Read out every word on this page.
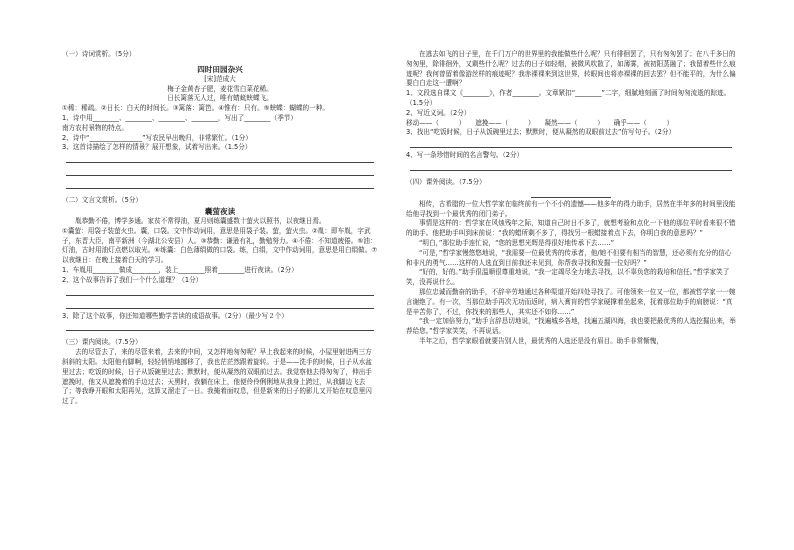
（一）诗词赏析。（5分）

四时田园杂兴

[宋]范成大

梅子金黄杏子肥，麦花雪白菜花稀。

日长篱落无人过，唯有蜻蜓蛱蝶飞。

①稀：稀疏。②日长：白天的时间长。③篱落：篱笆。④惟有：只有。⑤蛱蝶：蝴蝶的一种。

1、诗中用________、________、________、________，写出了________（季节）

南方农村景物的特点。

2、诗中“________________”写农民早出晚归，非常繁忙。（1分）

3、这首诗描绘了怎样的情景？展开想象，试着写出来。（1.5分）

（二）文言文赏析。（5分）

囊萤夜读

胤恭勤不倦，博学多通。家贫不常得油，夏月则练囊盛数十萤火以照书，以夜继日焉。

①囊萤：用袋子装萤火虫。囊，口袋。文中作动词用，意思是用袋子装。萤，萤火虫。②胤：即车胤，字武子，东晋大臣，南平新洲（今湖北公安县）人。③恭勤：谦逊有礼，勤勉努力。④不倦：不知道疲倦。⑤油：灯油，古时用油灯点燃以取光。⑥练囊：白色薄绢做的口袋。练，白绢，文中作动词用，意思是用白绢做。⑦以夜继日：在晚上接着白天的学习。

1、车胤用________做成________，装上________照着________进行夜读。（2分）

2、这个故事告诉了我们一个什么道理？（1分）

3、除了这个故事，你还知道哪些勤学苦读的成语故事。（2分）（最少写２个）

（三）课内阅读。（7.5分）

去的尽管去了，来的尽管来着，去来的中间，又怎样地匆匆呢？早上我起来的时候，小屋里射进两三方斜斜的太阳。太阳他有脚啊，轻轻悄悄地挪移了，我也茫茫然跟着旋转。于是——洗手的时候，日子从水盆里过去；吃饭的时候，日子从饭碗里过去；默默时，便从凝然的双眼前过去。我觉察他去得匆匆了，伸出手遮挽时，他又从遮挽着的手边过去；天黑时，我躺在床上，他便伶伶俐俐地从我身上跨过，从我脚边飞去了；等我睁开眼和太阳再见，这算又溜走了一日。我掩着面叹息，但是新来的日子的影儿又开始在叹息里闪过了。

在逃去如飞的日子里，在千门万户的世界里的我能做些什么呢？只有徘徊罢了，只有匆匆罢了；在八千多日的匆匆里，除徘徊外，又剩些什么呢？过去的日子如轻烟，被微风吹散了，如薄雾，被初阳蒸融了；我留着些什么痕迹呢？我何曾留着像游丝样的痕迹呢？我赤裸裸来到这世界，转眼间也将赤裸裸的回去罢？但不能平的，为什么偏要白白走这一遭啊？

1、文段选自课文《________》，作者________。文章紧扣“________”二字，细腻地刻画了时间匆匆流逝的踪迹。（1.5分）

2、写近义词。（2分）

移动——（　　　）　　遮挽——（　　　）　　凝然——（　　　）　　确乎——（　　　）

3、找出“吃饭时候，日子从饭碗里过去；默默时，便从凝然的双眼前过去”仿写句子。（2分）

4、写一条珍惜时间的名言警句。（2分）

（四）课外阅读。（7.5分）

相传，古希腊的一位大哲学家在临终前有一个不小的遗憾——他多年的得力助手，居然在半年多的时间里没能给他寻找到一个最优秀的闭门弟子。

事情是这样的：哲学家在风烛残年之际，知道自己时日不多了，就想考验和点化一下他的那位平时看来很不错的助手。他把助手叫到床前说：“我的蜡所剩不多了，得找另一根蜡接着点下去，你明白我的意思吗？”

“明白，”那位助手连忙说，“您的思想光辉是得很好地传承下去……”

“可是，”哲学家慢悠悠地说，“我需要一位最优秀的传承者，他/她不但要有相当的智慧，还必须有充分的信心和非凡的勇气……这样的人选直到目前我还未见到，你帮我寻找和发掘一位好吗？”

“好的，好的。”助手很温顺很尊重地说，“我一定竭尽全力地去寻找，以不辜负您的栽培和信任。”哲学家笑了笑，没再说什么。

那位忠诚而勤奋的助手，不辞辛劳地通过各种渠道开始四处寻找了。可他领来一位又一位，都被哲学家一一婉言谢绝了。有一次，当那位助手再次无功而返时，病入膏肓的哲学家硬撑着坐起来，抚着那位助手的肩膀说：“真是辛苦你了，不过，你找来的那些人，其实还不如你……”

“我一定加倍努力，”助手言辞恳切地说，“找遍城乡各地，找遍五湖四海，我也要把最优秀的人选挖掘出来，举荐给您。”哲学家笑笑，不再说话。

半年之后，哲学家眼看就要告别人世，最优秀的人选还是没有眉目。助手非常惭愧，
